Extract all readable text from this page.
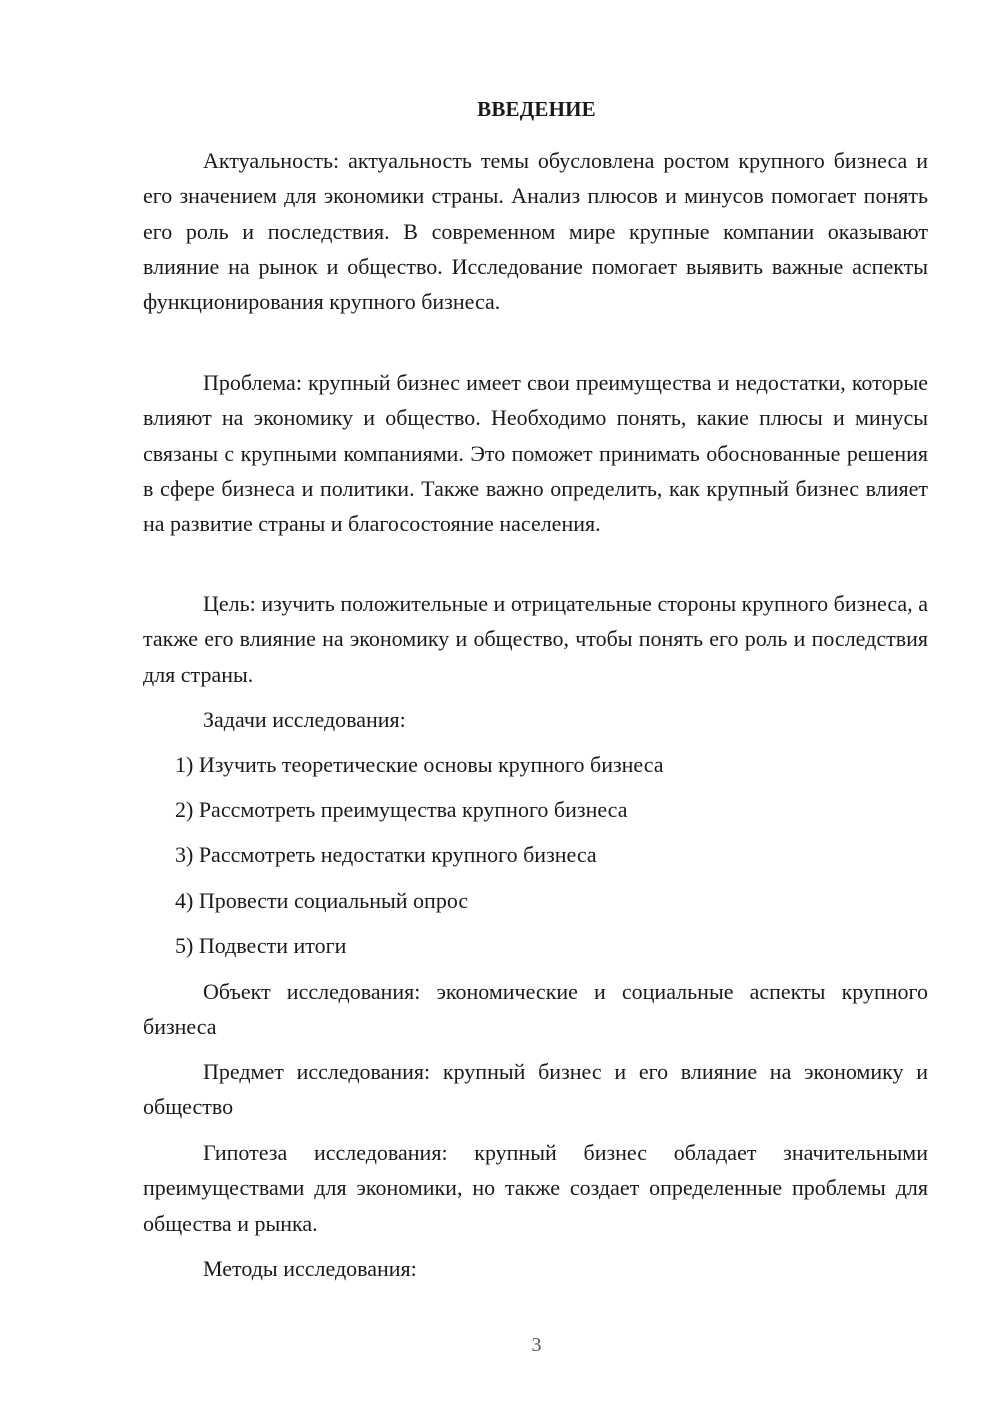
ВВЕДЕНИЕ

Актуальность: актуальность темы обусловлена ростом крупного бизнеса и его значением для экономики страны. Анализ плюсов и минусов помогает понять его роль и последствия. В современном мире крупные компании оказывают влияние на рынок и общество. Исследование помогает выявить важные аспекты функционирования крупного бизнеса.

Проблема: крупный бизнес имеет свои преимущества и недостатки, которые влияют на экономику и общество. Необходимо понять, какие плюсы и минусы связаны с крупными компаниями. Это поможет принимать обоснованные решения в сфере бизнеса и политики. Также важно определить, как крупный бизнес влияет на развитие страны и благосостояние населения.

Цель: изучить положительные и отрицательные стороны крупного бизнеса, а также его влияние на экономику и общество, чтобы понять его роль и последствия для страны.

Задачи исследования:

1) Изучить теоретические основы крупного бизнеса
2) Рассмотреть преимущества крупного бизнеса
3) Рассмотреть недостатки крупного бизнеса
4) Провести социальный опрос
5) Подвести итоги

Объект исследования: экономические и социальные аспекты крупного бизнеса

Предмет исследования: крупный бизнес и его влияние на экономику и общество

Гипотеза исследования: крупный бизнес обладает значительными преимуществами для экономики, но также создает определенные проблемы для общества и рынка.

Методы исследования:

3
